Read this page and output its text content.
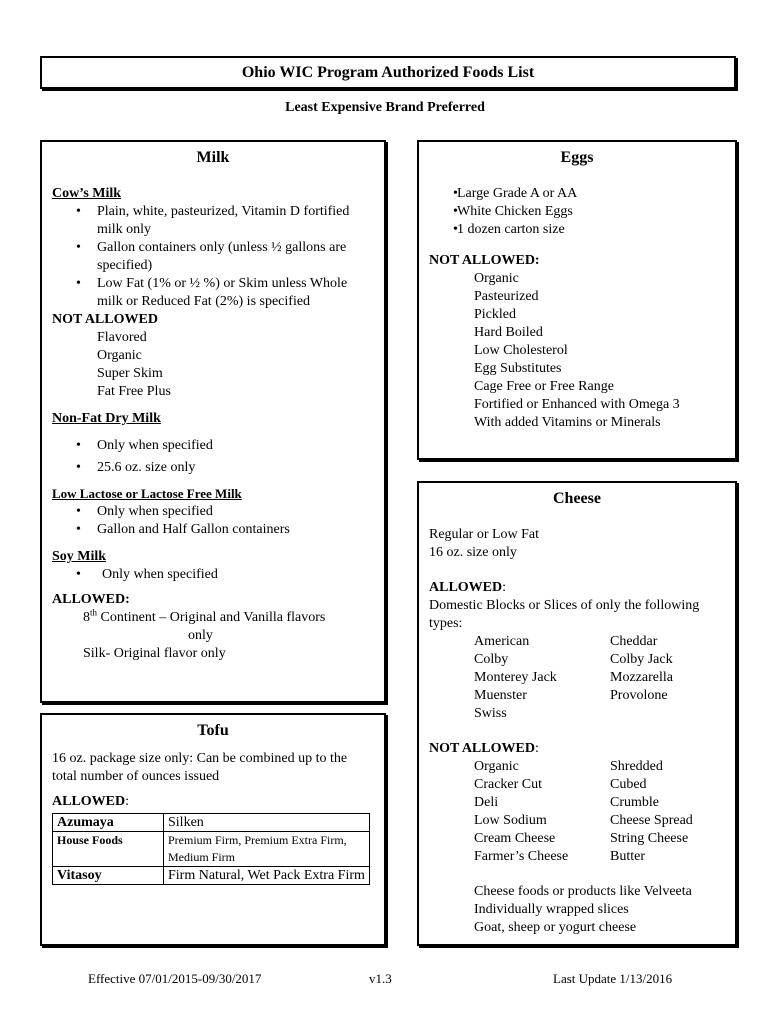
Ohio WIC Program Authorized Foods List
Least Expensive Brand Preferred
Milk
Cow’s Milk
• Plain, white, pasteurized, Vitamin D fortified
milk only
• Gallon containers only (unless ½ gallons are
specified)
• Low Fat (1% or ½ %) or Skim unless Whole
milk or Reduced Fat (2%) is specified
NOT ALLOWED
Flavored
Organic
Super Skim
Fat Free Plus
Non-Fat Dry Milk
• Only when specified
• 25.6 oz. size only
Low Lactose or Lactose Free Milk
• Only when specified
• Gallon and Half Gallon containers
Soy Milk
• Only when specified
ALLOWED:
8th Continent – Original and Vanilla flavors
only
Silk- Original flavor only
Tofu
16 oz. package size only: Can be combined up to the
total number of ounces issued
ALLOWED:
Azumaya	Silken
House Foods	Premium Firm, Premium Extra Firm, Medium Firm
Vitasoy	Firm Natural, Wet Pack Extra Firm
Eggs
• Large Grade A or AA
• White Chicken Eggs
• 1 dozen carton size
NOT ALLOWED:
Organic
Pasteurized
Pickled
Hard Boiled
Low Cholesterol
Egg Substitutes
Cage Free or Free Range
Fortified or Enhanced with Omega 3
With added Vitamins or Minerals
Cheese
Regular or Low Fat
16 oz. size only
ALLOWED:
Domestic Blocks or Slices of only the following
types:
American	Cheddar
Colby	Colby Jack
Monterey Jack	Mozzarella
Muenster	Provolone
Swiss
NOT ALLOWED:
Organic	Shredded
Cracker Cut	Cubed
Deli	Crumble
Low Sodium	Cheese Spread
Cream Cheese	String Cheese
Farmer’s Cheese	Butter
Cheese foods or products like Velveeta
Individually wrapped slices
Goat, sheep or yogurt cheese
Effective 07/01/2015-09/30/2017	v1.3	Last Update 1/13/2016
